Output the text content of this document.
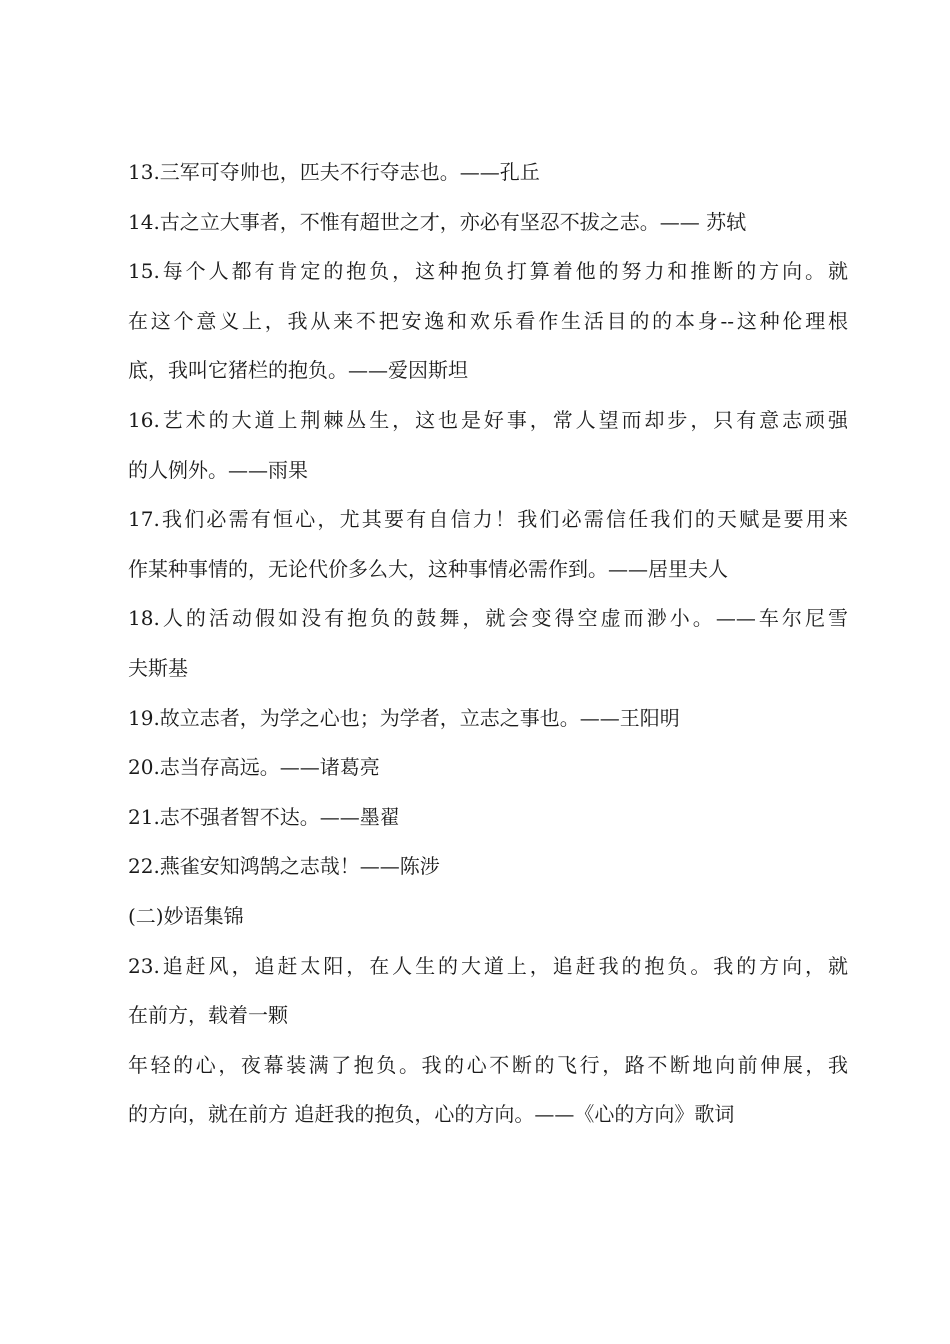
13.三军可夺帅也，匹夫不行夺志也。——孔丘
14.古之立大事者，不惟有超世之才，亦必有坚忍不拔之志。—— 苏轼
15.每个人都有肯定的抱负，这种抱负打算着他的努力和推断的方向。就
在这个意义上，我从来不把安逸和欢乐看作生活目的的本身--这种伦理根
底，我叫它猪栏的抱负。——爱因斯坦
16.艺术的大道上荆棘丛生，这也是好事，常人望而却步，只有意志顽强
的人例外。——雨果
17.我们必需有恒心，尤其要有自信力！我们必需信任我们的天赋是要用来
作某种事情的，无论代价多么大，这种事情必需作到。——居里夫人
18.人的活动假如没有抱负的鼓舞，就会变得空虚而渺小。——车尔尼雪
夫斯基
19.故立志者，为学之心也；为学者，立志之事也。——王阳明
20.志当存高远。——诸葛亮
21.志不强者智不达。——墨翟
22.燕雀安知鸿鹄之志哉！——陈涉
(二)妙语集锦
23.追赶风，追赶太阳，在人生的大道上，追赶我的抱负。我的方向，就
在前方，载着一颗
年轻的心，夜幕装满了抱负。我的心不断的飞行，路不断地向前伸展，我
的方向，就在前方 追赶我的抱负，心的方向。——《心的方向》歌词
